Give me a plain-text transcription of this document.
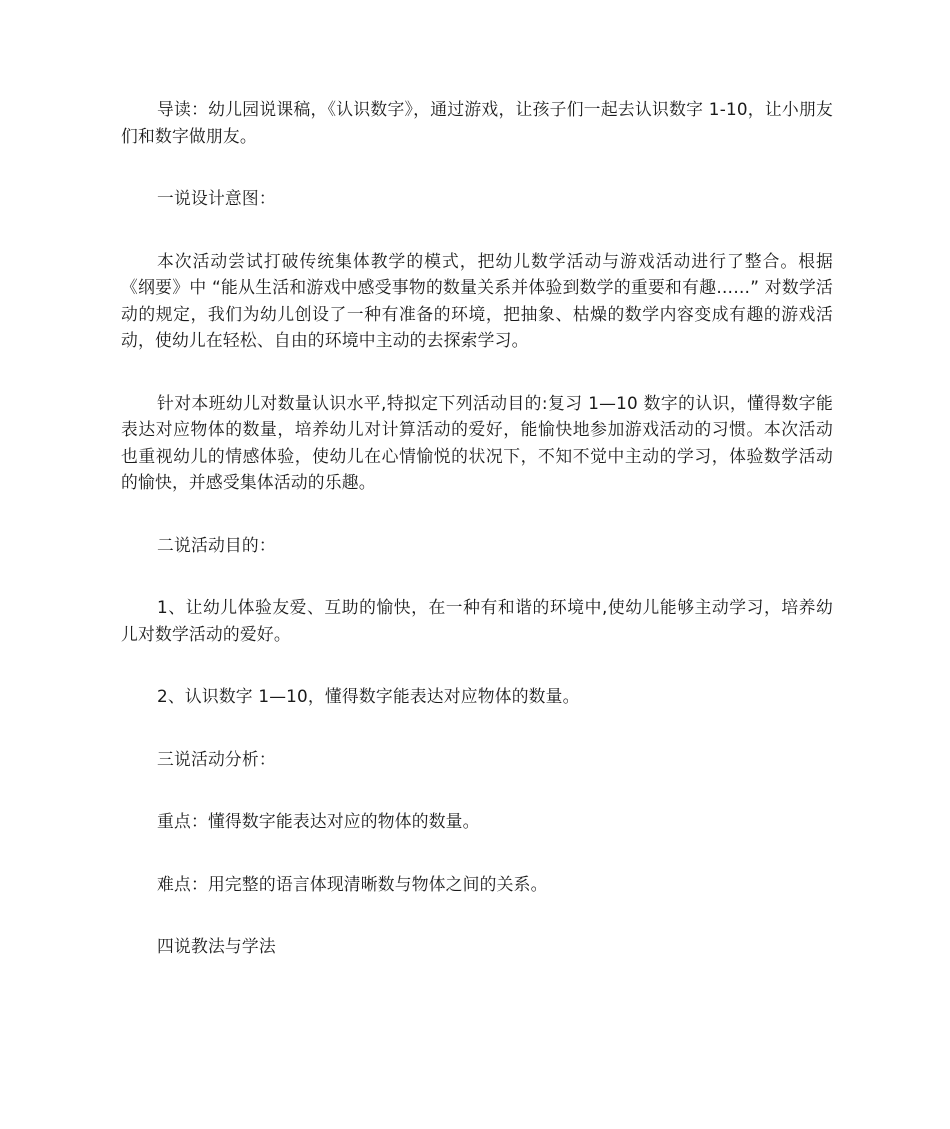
导读：幼儿园说课稿，《认识数字》，通过游戏，让孩子们一起去认识数字 1-10，让小朋友们和数字做朋友。

一说设计意图：

本次活动尝试打破传统集体教学的模式，把幼儿数学活动与游戏活动进行了整合。根据《纲要》中 “能从生活和游戏中感受事物的数量关系并体验到数学的重要和有趣……” 对数学活动的规定，我们为幼儿创设了一种有准备的环境，把抽象、枯燥的数学内容变成有趣的游戏活动，使幼儿在轻松、自由的环境中主动的去探索学习。

针对本班幼儿对数量认识水平,特拟定下列活动目的:复习 1—10 数字的认识，懂得数字能表达对应物体的数量，培养幼儿对计算活动的爱好，能愉快地参加游戏活动的习惯。本次活动也重视幼儿的情感体验，使幼儿在心情愉悦的状况下，不知不觉中主动的学习，体验数学活动的愉快，并感受集体活动的乐趣。

二说活动目的：

1、让幼儿体验友爱、互助的愉快，在一种有和谐的环境中,使幼儿能够主动学习，培养幼儿对数学活动的爱好。

2、认识数字 1—10，懂得数字能表达对应物体的数量。

三说活动分析：

重点：懂得数字能表达对应的物体的数量。

难点：用完整的语言体现清晰数与物体之间的关系。

四说教法与学法
